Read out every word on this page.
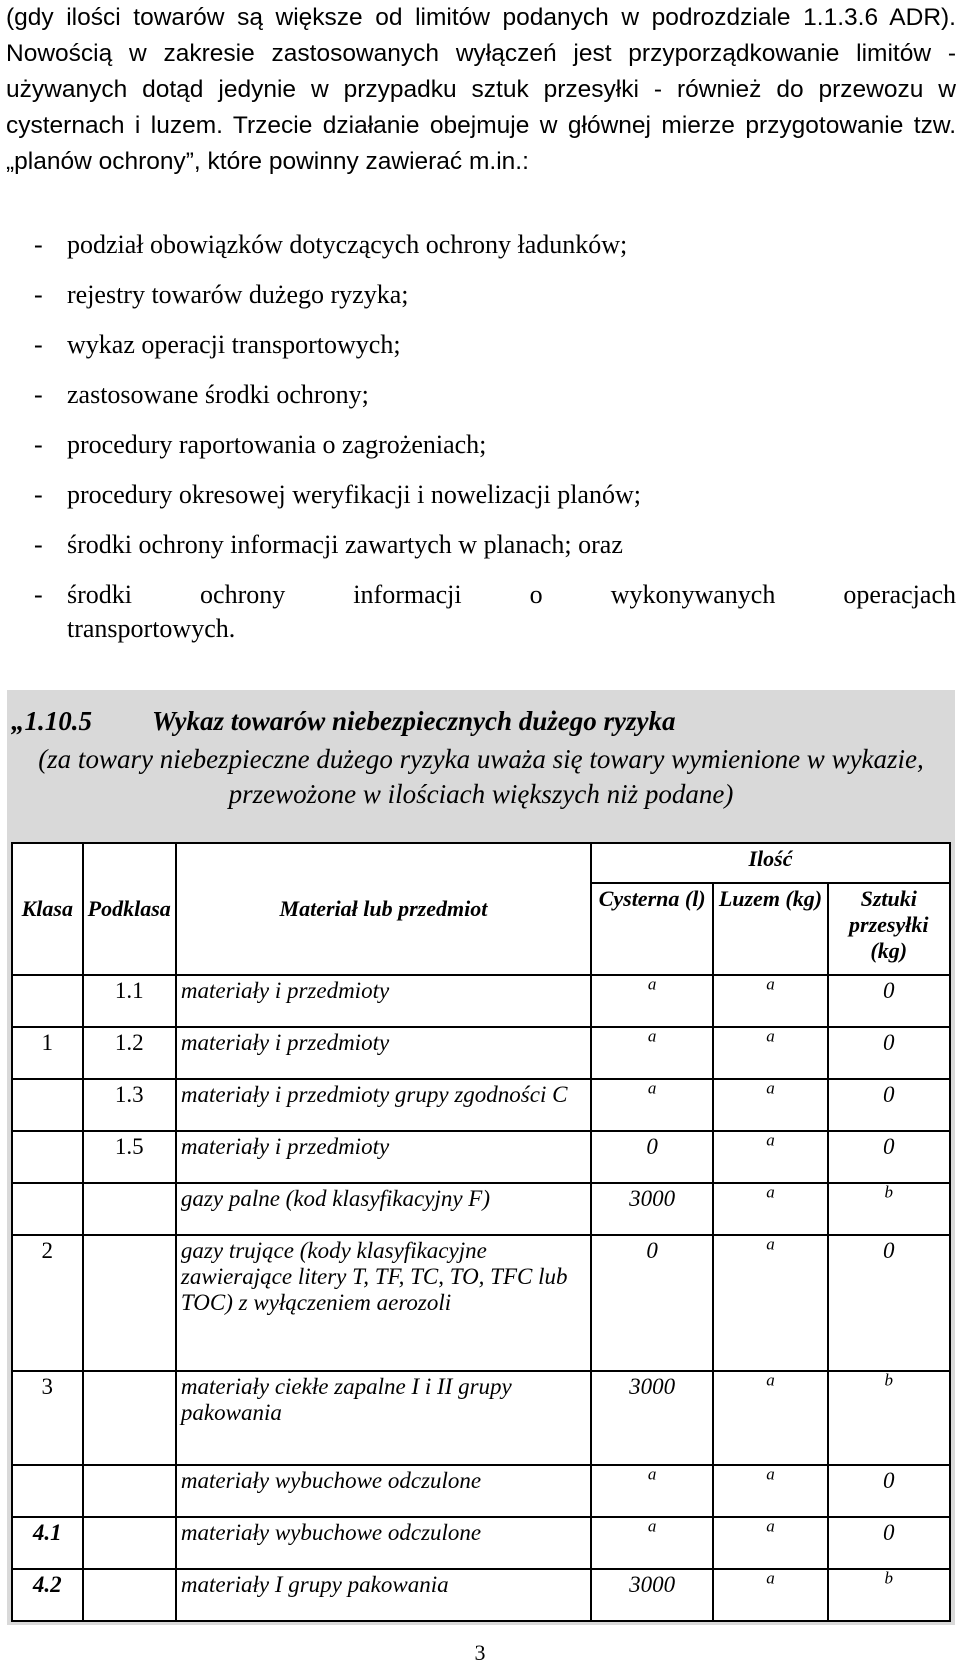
(gdy ilości towarów są większe od limitów podanych w podrozdziale 1.1.3.6 ADR). Nowością w zakresie zastosowanych wyłączeń jest przyporządkowanie limitów - używanych dotąd jedynie w przypadku sztuk przesyłki - również do przewozu w cysternach i luzem. Trzecie działanie obejmuje w głównej mierze przygotowanie tzw. „planów ochrony”, które powinny zawierać m.in.:

- podział obowiązków dotyczących ochrony ładunków;
- rejestry towarów dużego ryzyka;
- wykaz operacji transportowych;
- zastosowane środki ochrony;
- procedury raportowania o zagrożeniach;
- procedury okresowej weryfikacji i nowelizacji planów;
- środki ochrony informacji zawartych w planach; oraz
- środki ochrony informacji o wykonywanych operacjach
transportowych.
„1.10.5 Wykaz towarów niebezpiecznych dużego ryzyka
(za towary niebezpieczne dużego ryzyka uważa się towary wymienione w wykazie, przewożone w ilościach większych niż podane)
Klasa	Podklasa	Materiał lub przedmiot	Ilość		
			Cysterna (l)	Luzem (kg)	Sztuki przesyłki (kg)
	1.1	materiały i przedmioty	$^a$	$^a$	0
1	1.2	materiały i przedmioty	$^a$	$^a$	0
	1.3	materiały i przedmioty grupy zgodności C	$^a$	$^a$	0
	1.5	materiały i przedmioty	0	$^a$	0
		gazy palne (kod klasyfikacyjny F)	3000	$^a$	$^b$
2		gazy trujące (kody klasyfikacyjne zawierające litery T, TF, TC, TO, TFC lub TOC) z wyłączeniem aerozoli	0	$^a$	0
3		materiały ciekłe zapalne I i II grupy pakowania	3000	$^a$	$^b$
		materiały wybuchowe odczulone	$^a$	$^a$	0
4.1		materiały wybuchowe odczulone	$^a$	$^a$	0
4.2		materiały I grupy pakowania	3000	$^a$	$^b$
3
